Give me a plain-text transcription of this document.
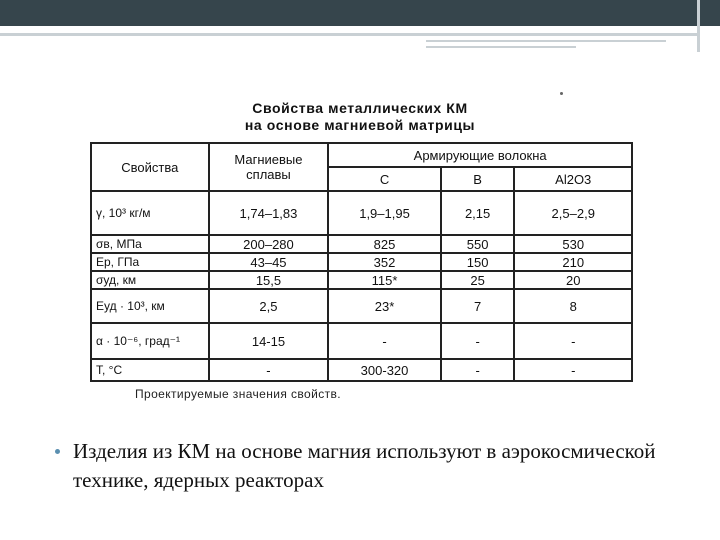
Свойства металлических КМ
на основе магниевой матрицы
Свойства	Магниевые сплавы	Армирующие волокна		
		C	B	Al2O3
γ, 10³ кг/м	1,74–1,83	1,9–1,95	2,15	2,5–2,9
σв, МПа	200–280	825	550	530
Eр, ГПа	43–45	352	150	210
σуд, км	15,5	115*	25	20
Eуд · 10³, км	2,5	23*	7	8
α · 10⁻⁶, град⁻¹	14-15	-	-	-
T, °C	-	300-320	-	-
Проектируемые значения свойств.
Изделия из КМ на основе магния используют в аэрокосмической технике, ядерных реакторах
